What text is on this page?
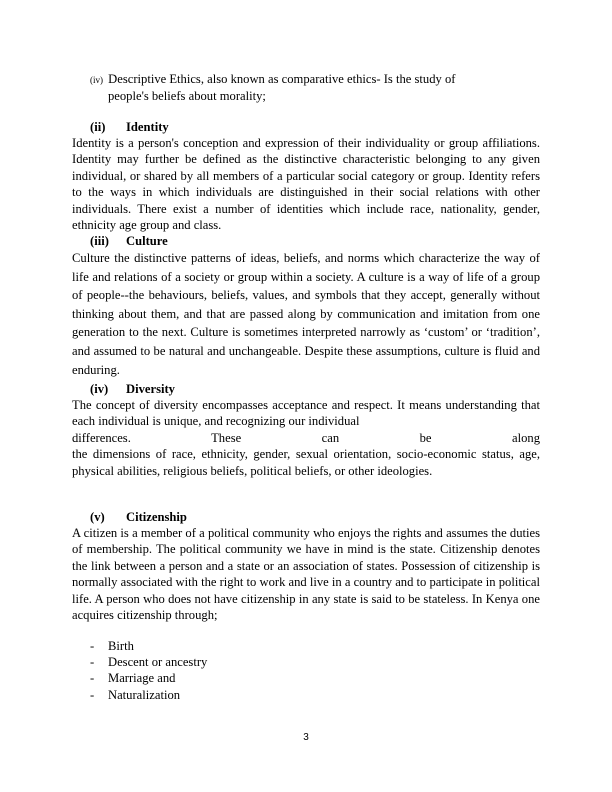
(iv) Descriptive Ethics, also known as comparative ethics- Is the study of
people's beliefs about morality;
(ii) Identity
Identity is a person's conception and expression of their individuality or group affiliations. Identity may further be defined as the distinctive characteristic belonging to any given individual, or shared by all members of a particular social category or group. Identity refers to the ways in which individuals are distinguished in their social relations with other individuals. There exist a number of identities which include race, nationality, gender, ethnicity age group and class.
(iii) Culture
Culture the distinctive patterns of ideas, beliefs, and norms which characterize the way of life and relations of a society or group within a society. A culture is a way of life of a group of people--the behaviours, beliefs, values, and symbols that they accept, generally without thinking about them, and that are passed along by communication and imitation from one generation to the next. Culture is sometimes interpreted narrowly as ‘custom’ or ‘tradition’, and assumed to be natural and unchangeable. Despite these assumptions, culture is fluid and enduring.
(iv) Diversity
The concept of diversity encompasses acceptance and respect. It means understanding that each individual is unique, and recognizing our individual
differences. These can be along
the dimensions of race, ethnicity, gender, sexual orientation, socio-economic status, age, physical abilities, religious beliefs, political beliefs, or other ideologies.
(v) Citizenship
A citizen is a member of a political community who enjoys the rights and assumes the duties of membership. The political community we have in mind is the state. Citizenship denotes the link between a person and a state or an association of states. Possession of citizenship is normally associated with the right to work and live in a country and to participate in political life. A person who does not have citizenship in any state is said to be stateless. In Kenya one acquires citizenship through;
-	Birth
-	Descent or ancestry
-	Marriage and
-	Naturalization
3
